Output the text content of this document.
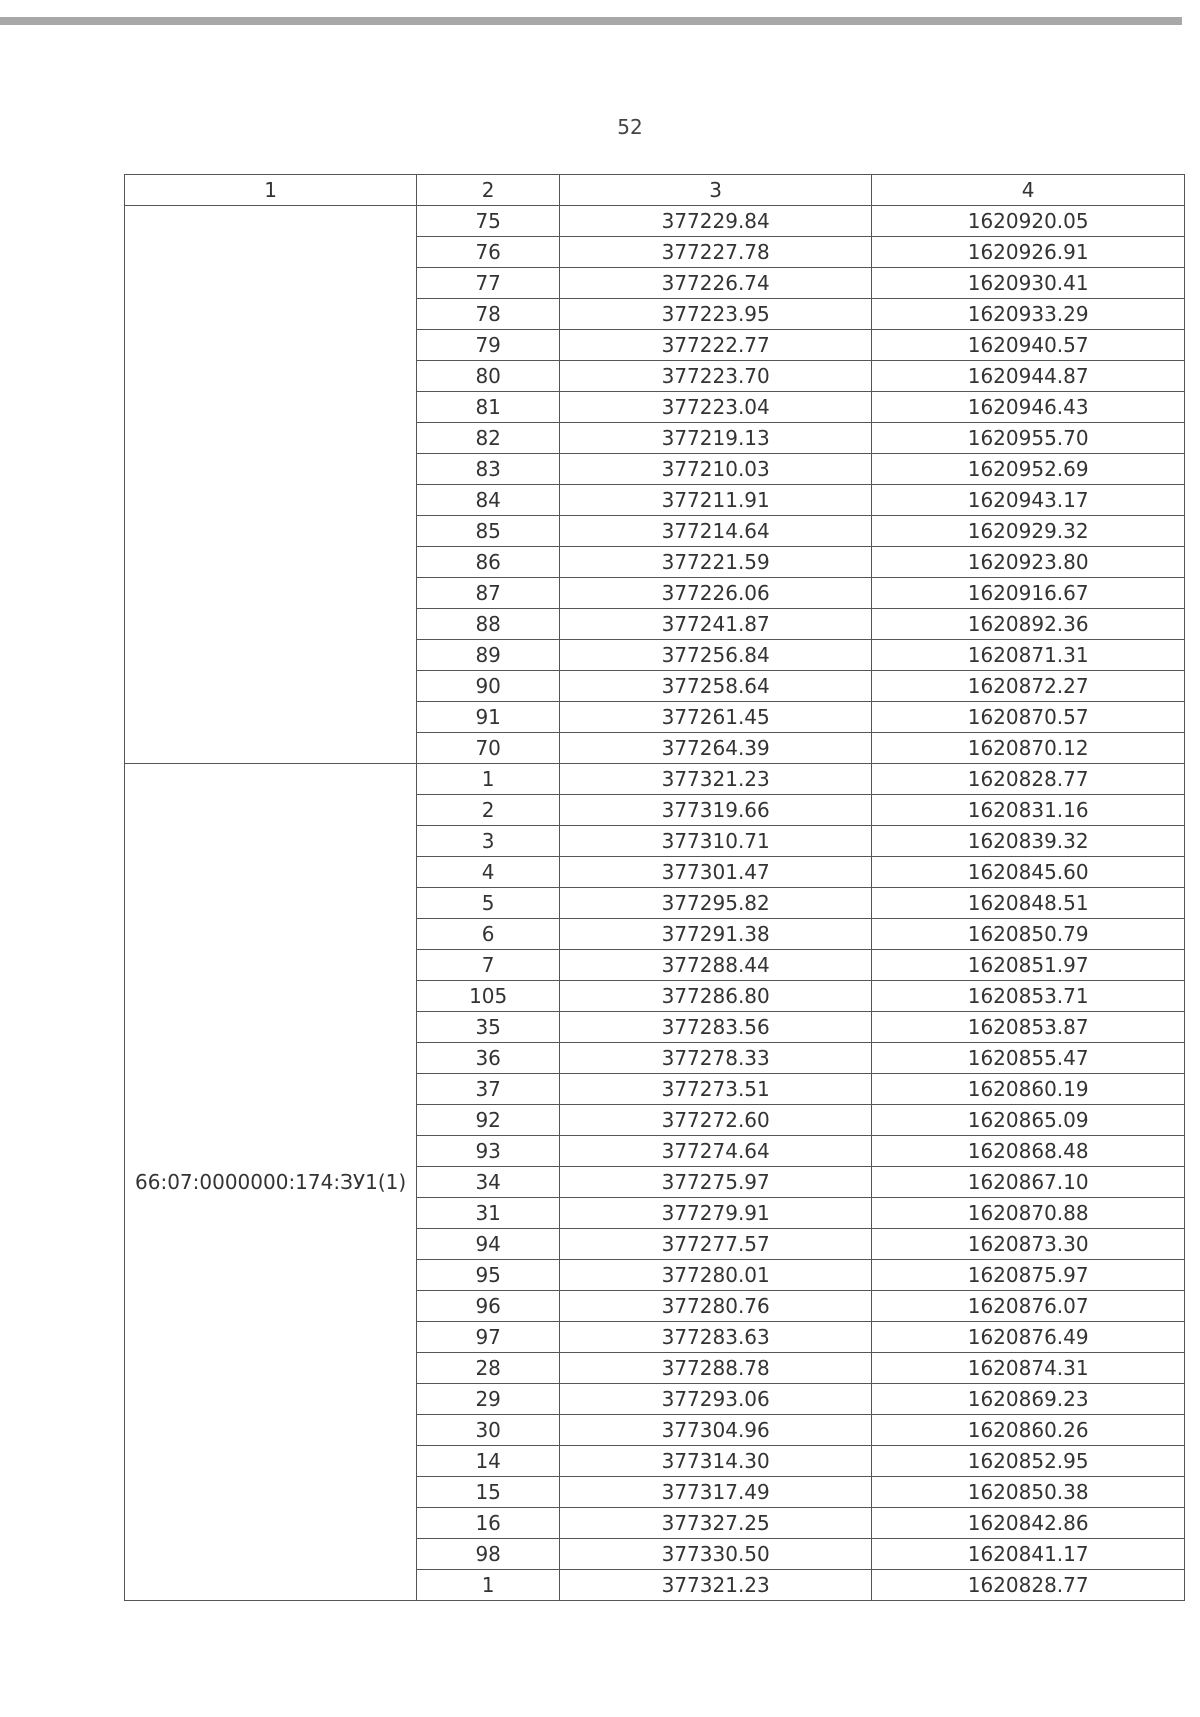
52
1	2	3	4
	75	377229.84	1620920.05
	76	377227.78	1620926.91
	77	377226.74	1620930.41
	78	377223.95	1620933.29
	79	377222.77	1620940.57
	80	377223.70	1620944.87
	81	377223.04	1620946.43
	82	377219.13	1620955.70
	83	377210.03	1620952.69
	84	377211.91	1620943.17
	85	377214.64	1620929.32
	86	377221.59	1620923.80
	87	377226.06	1620916.67
	88	377241.87	1620892.36
	89	377256.84	1620871.31
	90	377258.64	1620872.27
	91	377261.45	1620870.57
	70	377264.39	1620870.12
66:07:0000000:174:ЗУ1(1)	1	377321.23	1620828.77
	2	377319.66	1620831.16
	3	377310.71	1620839.32
	4	377301.47	1620845.60
	5	377295.82	1620848.51
	6	377291.38	1620850.79
	7	377288.44	1620851.97
	105	377286.80	1620853.71
	35	377283.56	1620853.87
	36	377278.33	1620855.47
	37	377273.51	1620860.19
	92	377272.60	1620865.09
	93	377274.64	1620868.48
	34	377275.97	1620867.10
	31	377279.91	1620870.88
	94	377277.57	1620873.30
	95	377280.01	1620875.97
	96	377280.76	1620876.07
	97	377283.63	1620876.49
	28	377288.78	1620874.31
	29	377293.06	1620869.23
	30	377304.96	1620860.26
	14	377314.30	1620852.95
	15	377317.49	1620850.38
	16	377327.25	1620842.86
	98	377330.50	1620841.17
	1	377321.23	1620828.77
